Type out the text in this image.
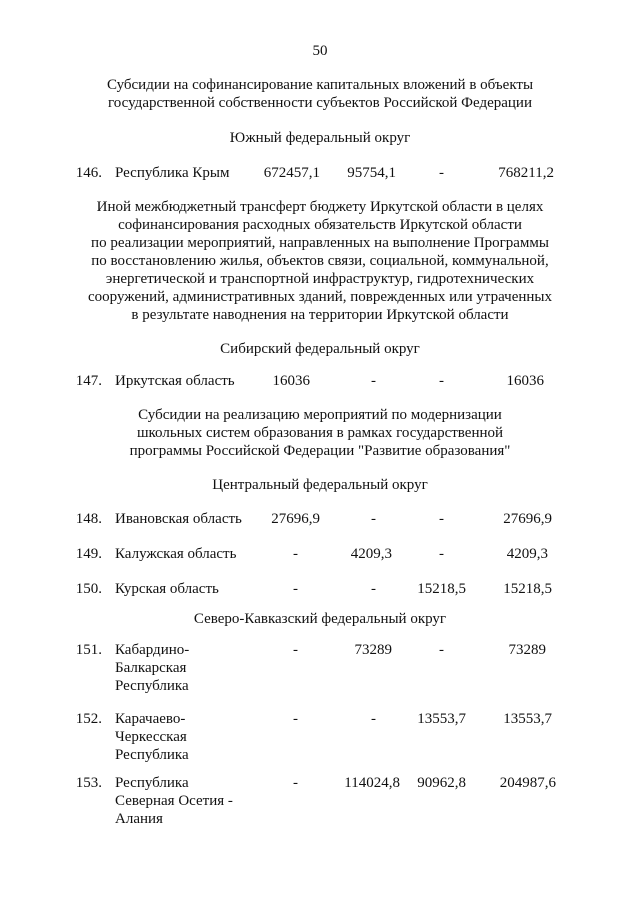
50
Субсидии на софинансирование капитальных вложений в объекты
государственной собственности субъектов Российской Федерации
Южный федеральный округ
146. Республика Крым	672457,1	95754,1	-	768211,2
Иной межбюджетный трансферт бюджету Иркутской области в целях
софинансирования расходных обязательств Иркутской области
по реализации мероприятий, направленных на выполнение Программы
по восстановлению жилья, объектов связи, социальной, коммунальной,
энергетической и транспортной инфраструктур, гидротехнических
сооружений, административных зданий, поврежденных или утраченных
в результате наводнения на территории Иркутской области
Сибирский федеральный округ
147. Иркутская область	16036	-	-	16036
Субсидии на реализацию мероприятий по модернизации
школьных систем образования в рамках государственной
программы Российской Федерации "Развитие образования"
Центральный федеральный округ
148. Ивановская область	27696,9	-	-	27696,9
149. Калужская область	-	4209,3	-	4209,3
150. Курская область	-	-	15218,5	15218,5
Северо-Кавказский федеральный округ
151. Кабардино-
Балкарская
Республика
-	73289	-	73289
152. Карачаево-
Черкесская
Республика
-	-	13553,7	13553,7
153. Республика
Северная Осетия -
Алания
-	114024,8	90962,8	204987,6
